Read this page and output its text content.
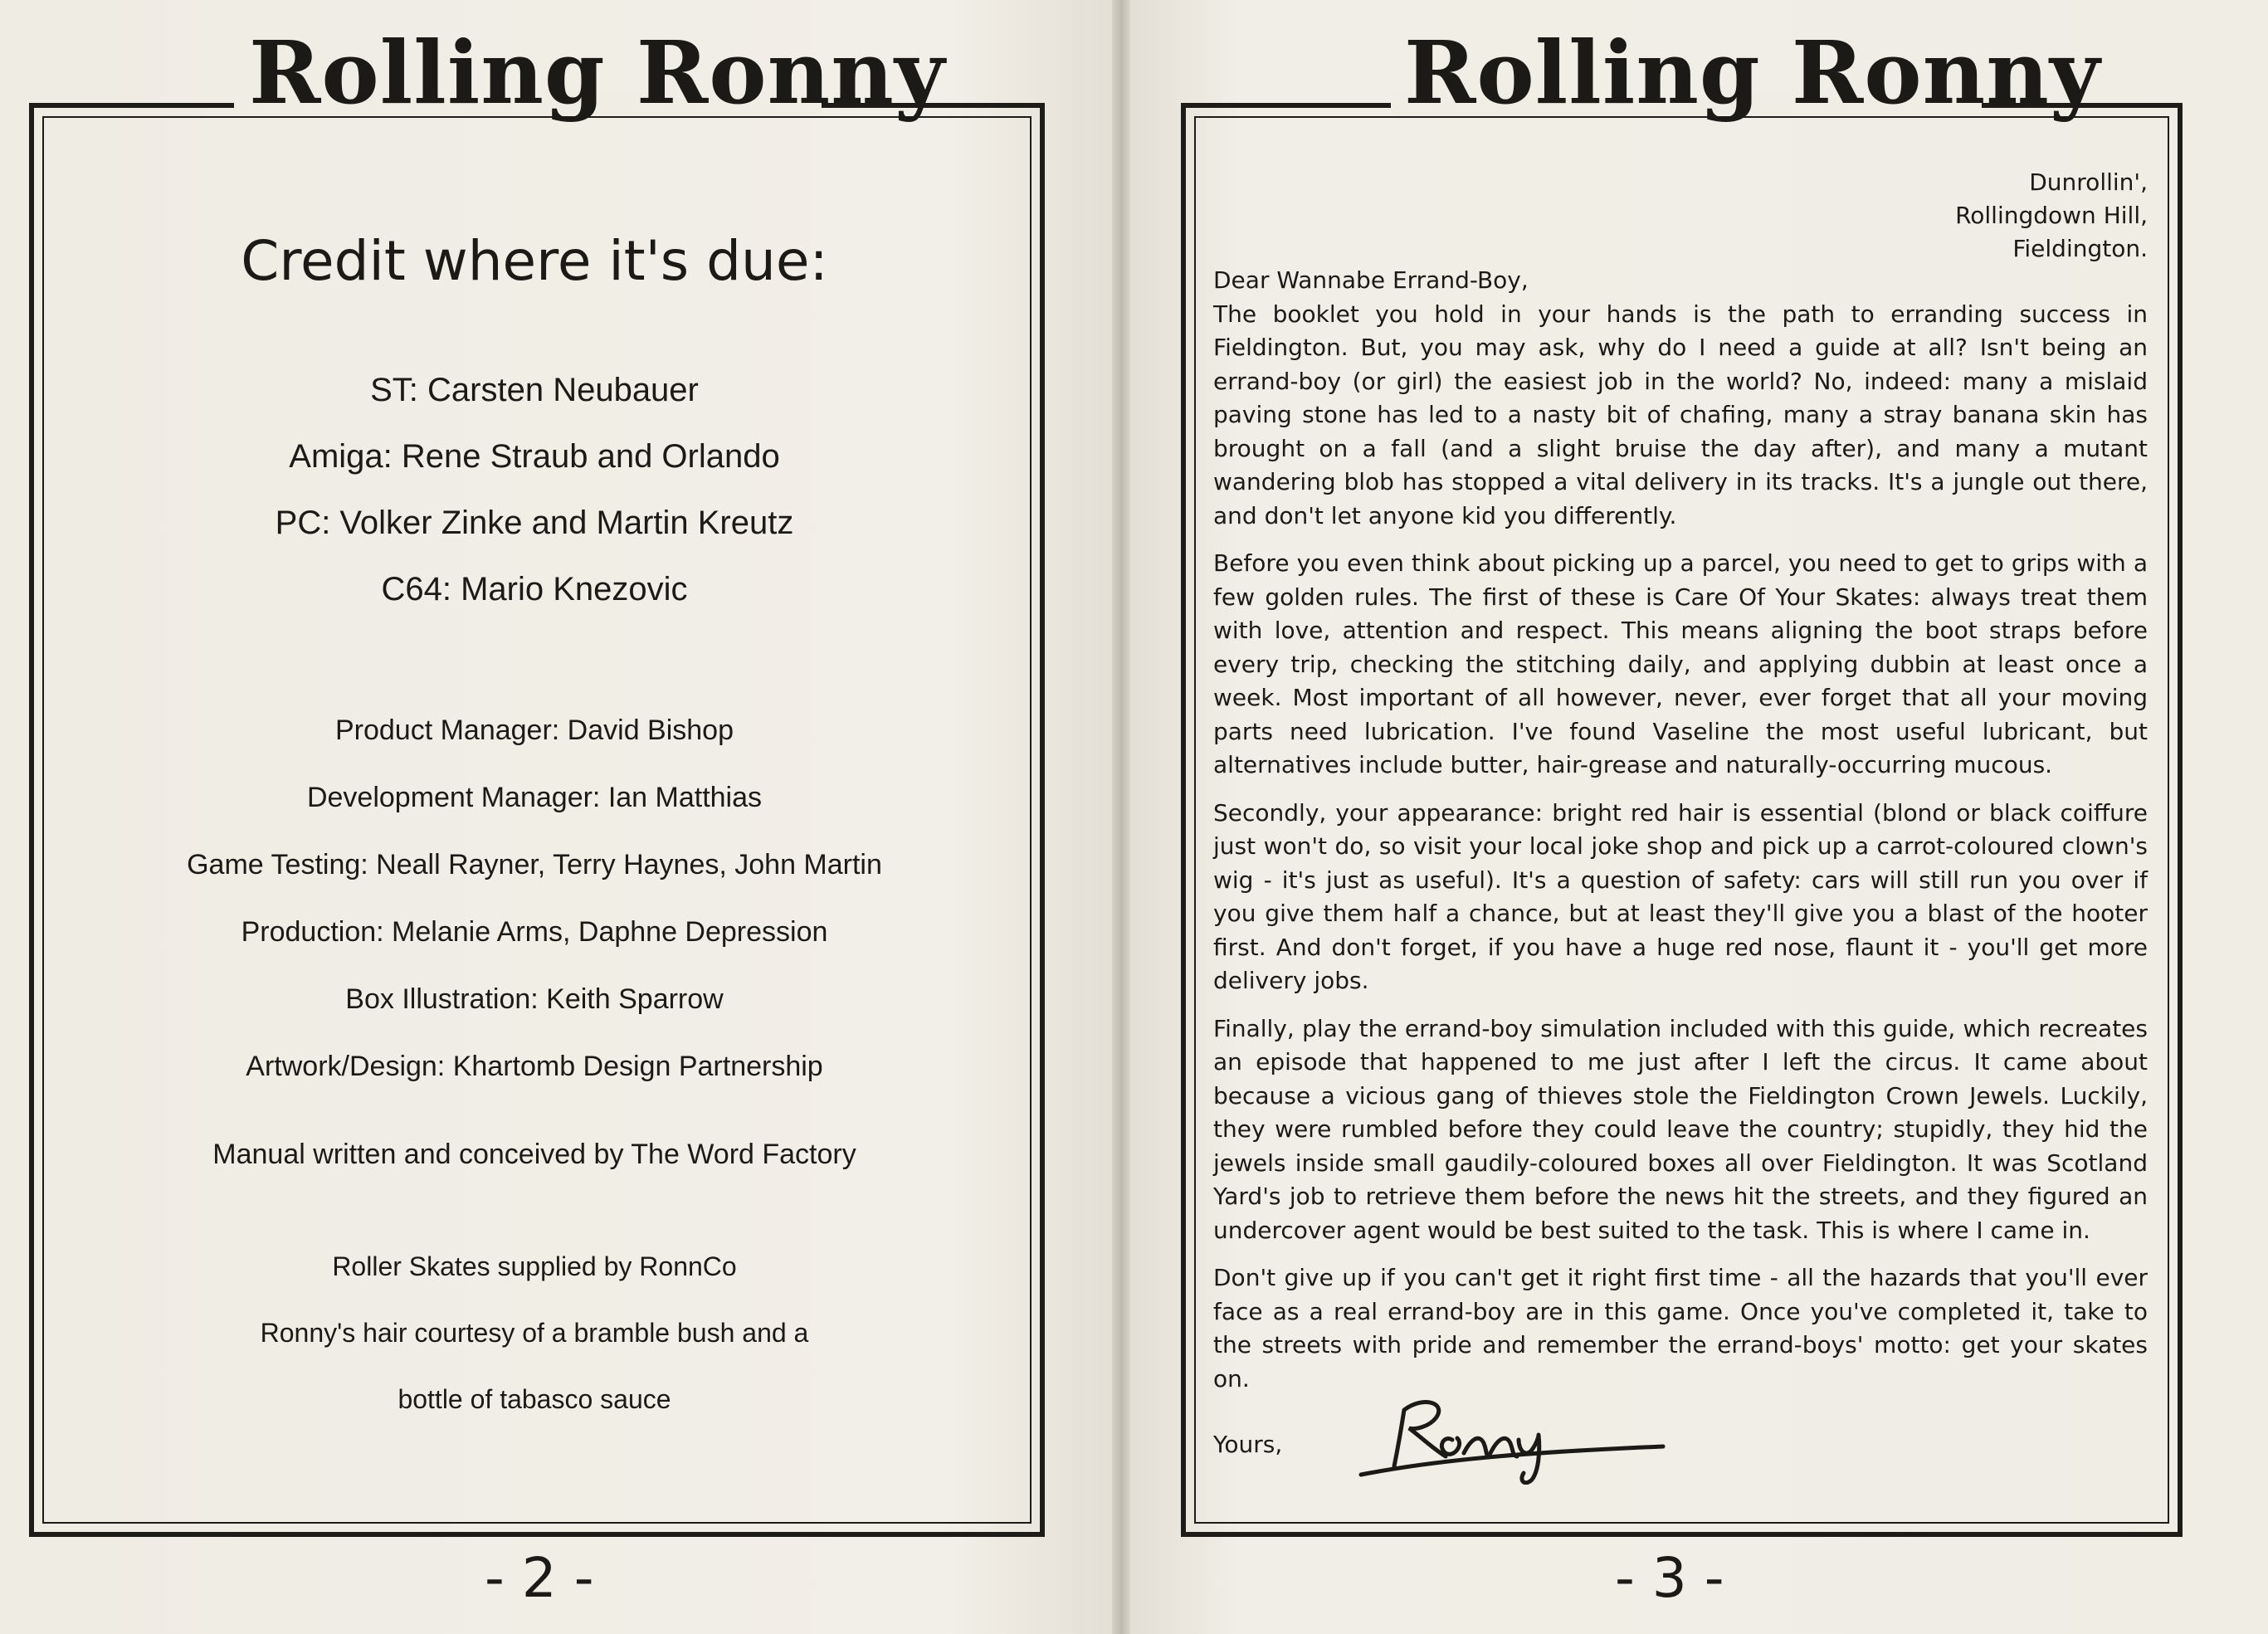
Rolling Ronny
Credit where it's due:
ST: Carsten Neubauer
Amiga: Rene Straub and Orlando
PC: Volker Zinke and Martin Kreutz
C64: Mario Knezovic
Product Manager: David Bishop
Development Manager: Ian Matthias
Game Testing: Neall Rayner, Terry Haynes, John Martin
Production: Melanie Arms, Daphne Depression
Box Illustration: Keith Sparrow
Artwork/Design: Khartomb Design Partnership
Manual written and conceived by The Word Factory
Roller Skates supplied by RonnCo
Ronny's hair courtesy of a bramble bush and a
bottle of tabasco sauce
- 2 -
Rolling Ronny
Dunrollin',
Rollingdown Hill,
Fieldington.
Dear Wannabe Errand-Boy,

The booklet you hold in your hands is the path to erranding success in Fieldington. But, you may ask, why do I need a guide at all? Isn't being an errand-boy (or girl) the easiest job in the world? No, indeed: many a mislaid paving stone has led to a nasty bit of chafing, many a stray banana skin has brought on a fall (and a slight bruise the day after), and many a mutant wandering blob has stopped a vital delivery in its tracks. It's a jungle out there, and don't let anyone kid you differently.

Before you even think about picking up a parcel, you need to get to grips with a few golden rules. The first of these is Care Of Your Skates: always treat them with love, attention and respect. This means aligning the boot straps before every trip, checking the stitching daily, and applying dubbin at least once a week. Most important of all however, never, ever forget that all your moving parts need lubrication. I've found Vaseline the most useful lubricant, but alternatives include butter, hair-grease and naturally-occurring mucous.

Secondly, your appearance: bright red hair is essential (blond or black coiffure just won't do, so visit your local joke shop and pick up a carrot-coloured clown's wig - it's just as useful). It's a question of safety: cars will still run you over if you give them half a chance, but at least they'll give you a blast of the hooter first. And don't forget, if you have a huge red nose, flaunt it - you'll get more delivery jobs.

Finally, play the errand-boy simulation included with this guide, which recreates an episode that happened to me just after I left the circus. It came about because a vicious gang of thieves stole the Fieldington Crown Jewels. Luckily, they were rumbled before they could leave the country; stupidly, they hid the jewels inside small gaudily-coloured boxes all over Fieldington. It was Scotland Yard's job to retrieve them before the news hit the streets, and they figured an undercover agent would be best suited to the task. This is where I came in.

Don't give up if you can't get it right first time - all the hazards that you'll ever face as a real errand-boy are in this game. Once you've completed it, take to the streets with pride and remember the errand-boys' motto: get your skates on.

Yours,
- 3 -
